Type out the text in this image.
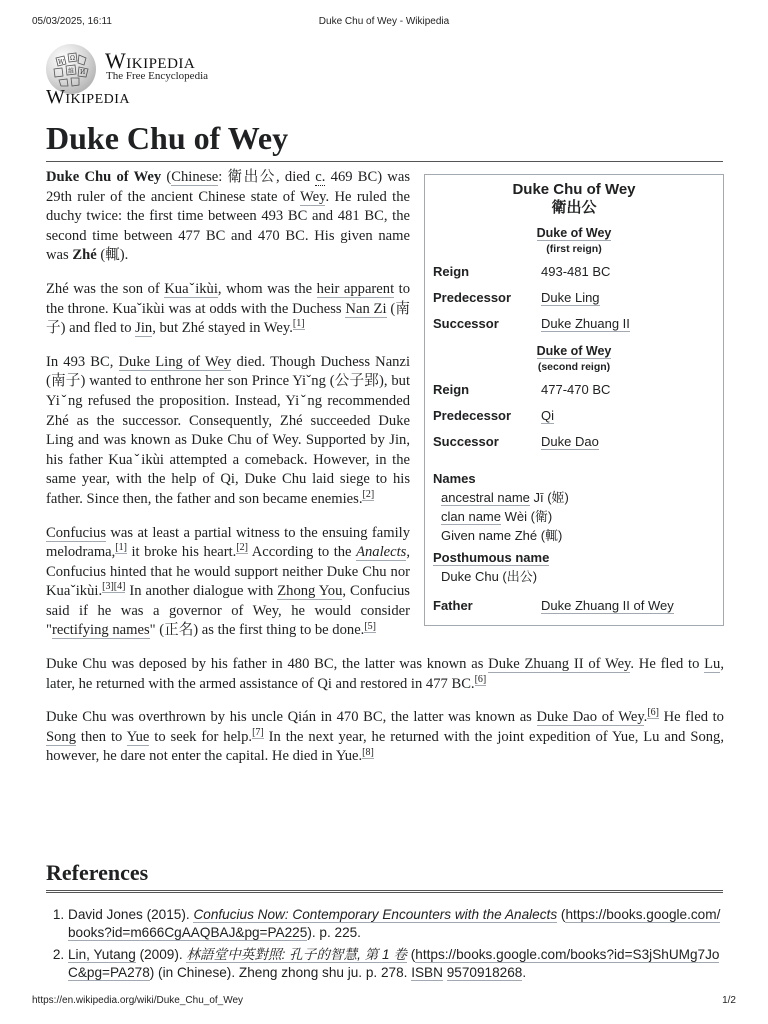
05/03/2025, 16:11	Duke Chu of Wey - Wikipedia
W
Ω
維 И Wikipedia
The Free Encyclopedia
Wikipedia
Duke Chu of Wey
Duke Chu of Wey
衛出公
Duke of Wey
(first reign)
Reign	493-481 BC
Predecessor	Duke Ling
Successor	Duke Zhuang II
Duke of Wey
(second reign)
Reign	477-470 BC
Predecessor	Qi
Successor	Duke Dao
Names
ancestral name Jī (姬)
clan name Wèi (衛)
Given name Zhé (輒)
Posthumous name
Duke Chu (出公)
Father	Duke Zhuang II of Wey

Duke Chu of Wey (Chinese: 衛出公, died c. 469 BC) was 29th ruler of the ancient Chinese state of Wey. He ruled the duchy twice: the first time between 493 BC and 481 BC, the second time between 477 BC and 470 BC. His given name was Zhé (輒).

Zhé was the son of Kuaˇikùi, whom was the heir apparent to the throne. Kuaˇikùi was at odds with the Duchess Nan Zi (南子) and fled to Jin, but Zhé stayed in Wey.[1]

In 493 BC, Duke Ling of Wey died. Though Duchess Nanzi (南子) wanted to enthrone her son Prince Yiˇng (公子郢), but Yiˇng refused the proposition. Instead, Yiˇng recommended Zhé as the successor. Consequently, Zhé succeeded Duke Ling and was known as Duke Chu of Wey. Supported by Jin, his father Kuaˇikùi attempted a comeback. However, in the same year, with the help of Qi, Duke Chu laid siege to his father. Since then, the father and son became enemies.[2]

Confucius was at least a partial witness to the ensuing family melodrama,[1] it broke his heart.[2] According to the Analects, Confucius hinted that he would support neither Duke Chu nor Kuaˇikùi.[3][4] In another dialogue with Zhong You, Confucius said if he was a governor of Wey, he would consider "rectifying names" (正名) as the first thing to be done.[5]

Duke Chu was deposed by his father in 480 BC, the latter was known as Duke Zhuang II of Wey. He fled to Lu, later, he returned with the armed assistance of Qi and restored in 477 BC.[6]

Duke Chu was overthrown by his uncle Qián in 470 BC, the latter was known as Duke Dao of Wey.[6] He fled to Song then to Yue to seek for help.[7] In the next year, he returned with the joint expedition of Yue, Lu and Song, however, he dare not enter the capital. He died in Yue.[8]

References
1. David Jones (2015). Confucius Now: Contemporary Encounters with the Analects (https://books.google.com/books?id=m666CgAAQBAJ&pg=PA225). p. 225.
2. Lin, Yutang (2009). 林語堂中英對照: 孔子的智慧, 第 1 卷 (https://books.google.com/books?id=S3jShUMg7JoC&pg=PA278) (in Chinese). Zheng zhong shu ju. p. 278. ISBN 9570918268.
https://en.wikipedia.org/wiki/Duke_Chu_of_Wey	1/2
